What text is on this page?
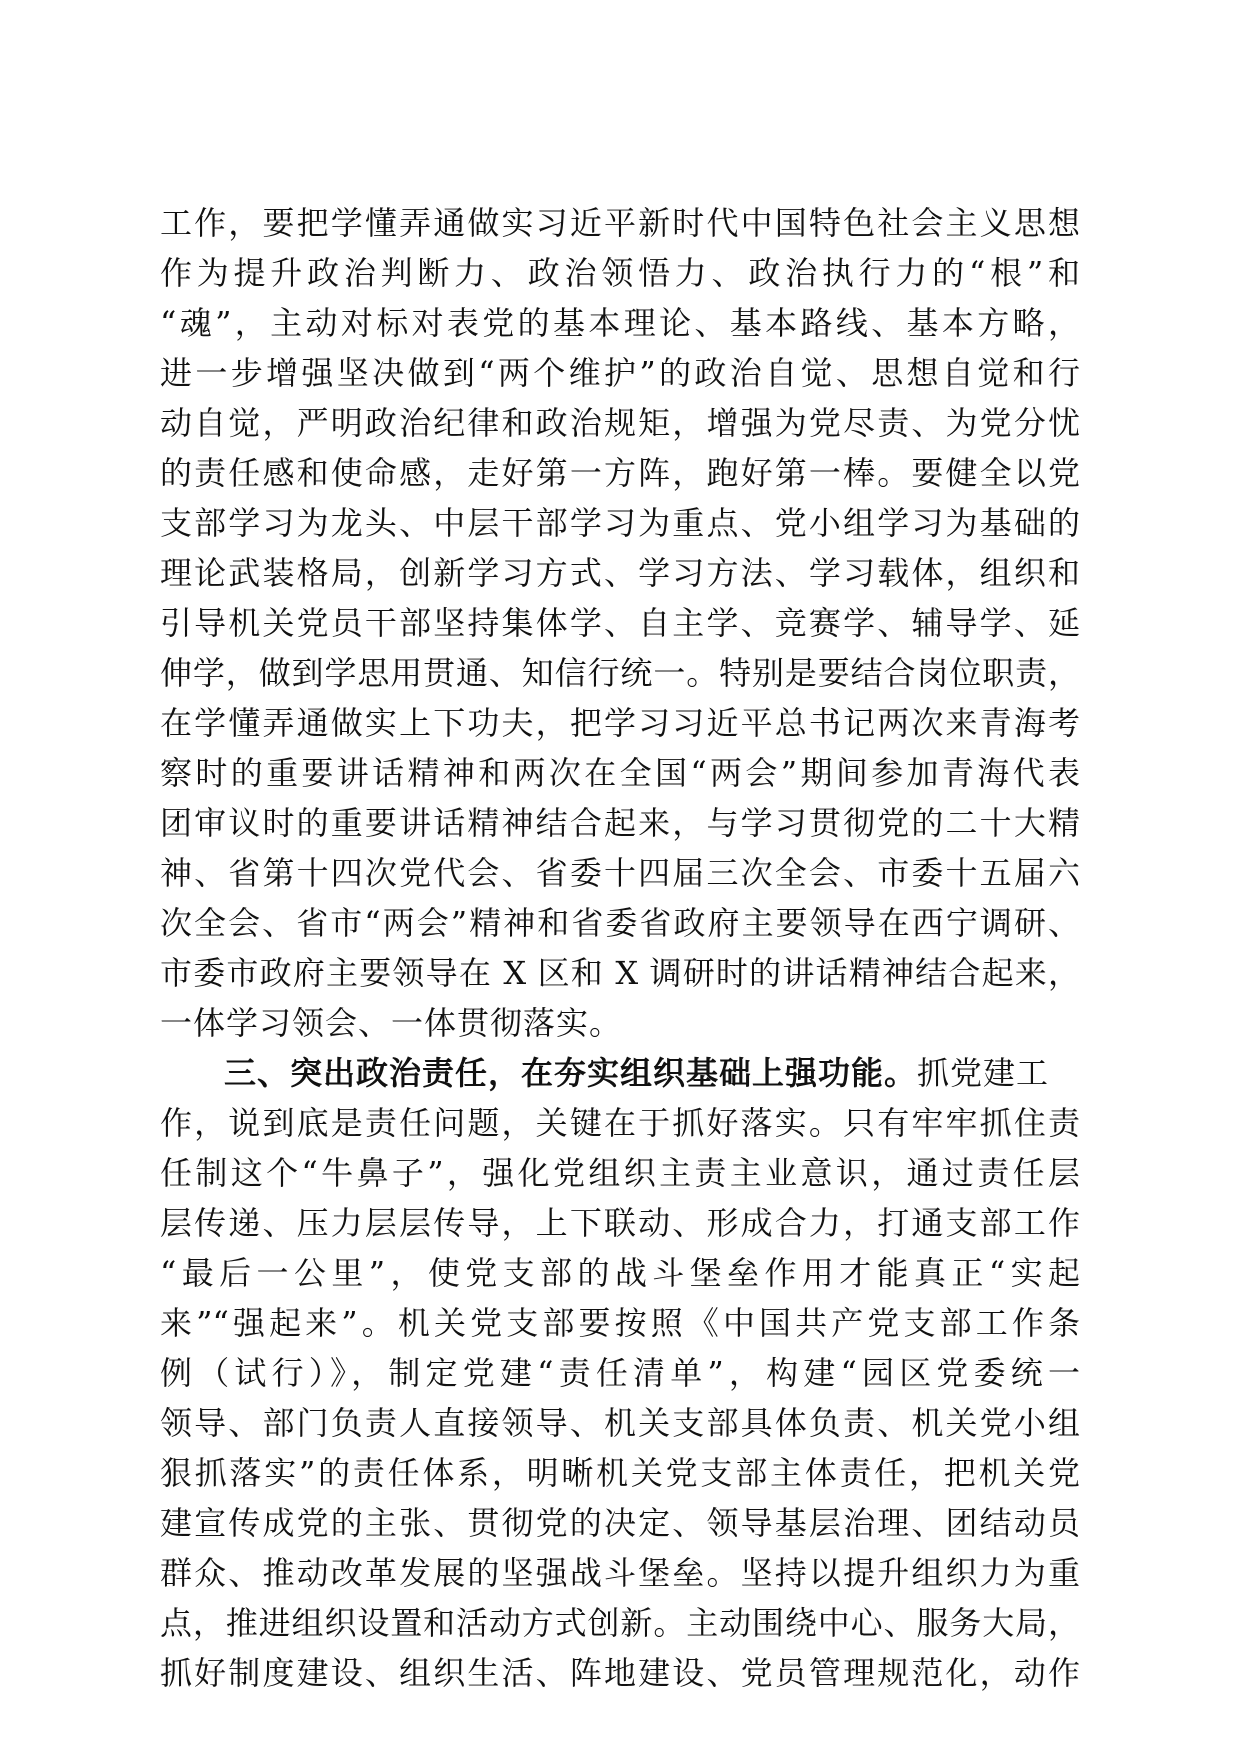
工作，要把学懂弄通做实习近平新时代中国特色社会主义思想
作为提升政治判断力、政治领悟力、政治执行力的“根”和
“魂”，主动对标对表党的基本理论、基本路线、基本方略，
进一步增强坚决做到“两个维护”的政治自觉、思想自觉和行
动自觉，严明政治纪律和政治规矩，增强为党尽责、为党分忧
的责任感和使命感，走好第一方阵，跑好第一棒。要健全以党
支部学习为龙头、中层干部学习为重点、党小组学习为基础的
理论武装格局，创新学习方式、学习方法、学习载体，组织和
引导机关党员干部坚持集体学、自主学、竞赛学、辅导学、延
伸学，做到学思用贯通、知信行统一。特别是要结合岗位职责，
在学懂弄通做实上下功夫，把学习习近平总书记两次来青海考
察时的重要讲话精神和两次在全国“两会”期间参加青海代表
团审议时的重要讲话精神结合起来，与学习贯彻党的二十大精
神、省第十四次党代会、省委十四届三次全会、市委十五届六
次全会、省市“两会”精神和省委省政府主要领导在西宁调研、
市委市政府主要领导在 X 区和 X 调研时的讲话精神结合起来，
一体学习领会、一体贯彻落实。
三、突出政治责任，在夯实组织基础上强功能。抓党建工
作，说到底是责任问题，关键在于抓好落实。只有牢牢抓住责
任制这个“牛鼻子”，强化党组织主责主业意识，通过责任层
层传递、压力层层传导，上下联动、形成合力，打通支部工作
“最后一公里”，使党支部的战斗堡垒作用才能真正“实起
来”“强起来”。机关党支部要按照《中国共产党支部工作条
例（试行）》，制定党建“责任清单”，构建“园区党委统一
领导、部门负责人直接领导、机关支部具体负责、机关党小组
狠抓落实”的责任体系，明晰机关党支部主体责任，把机关党
建宣传成党的主张、贯彻党的决定、领导基层治理、团结动员
群众、推动改革发展的坚强战斗堡垒。坚持以提升组织力为重
点，推进组织设置和活动方式创新。主动围绕中心、服务大局，
抓好制度建设、组织生活、阵地建设、党员管理规范化，动作
